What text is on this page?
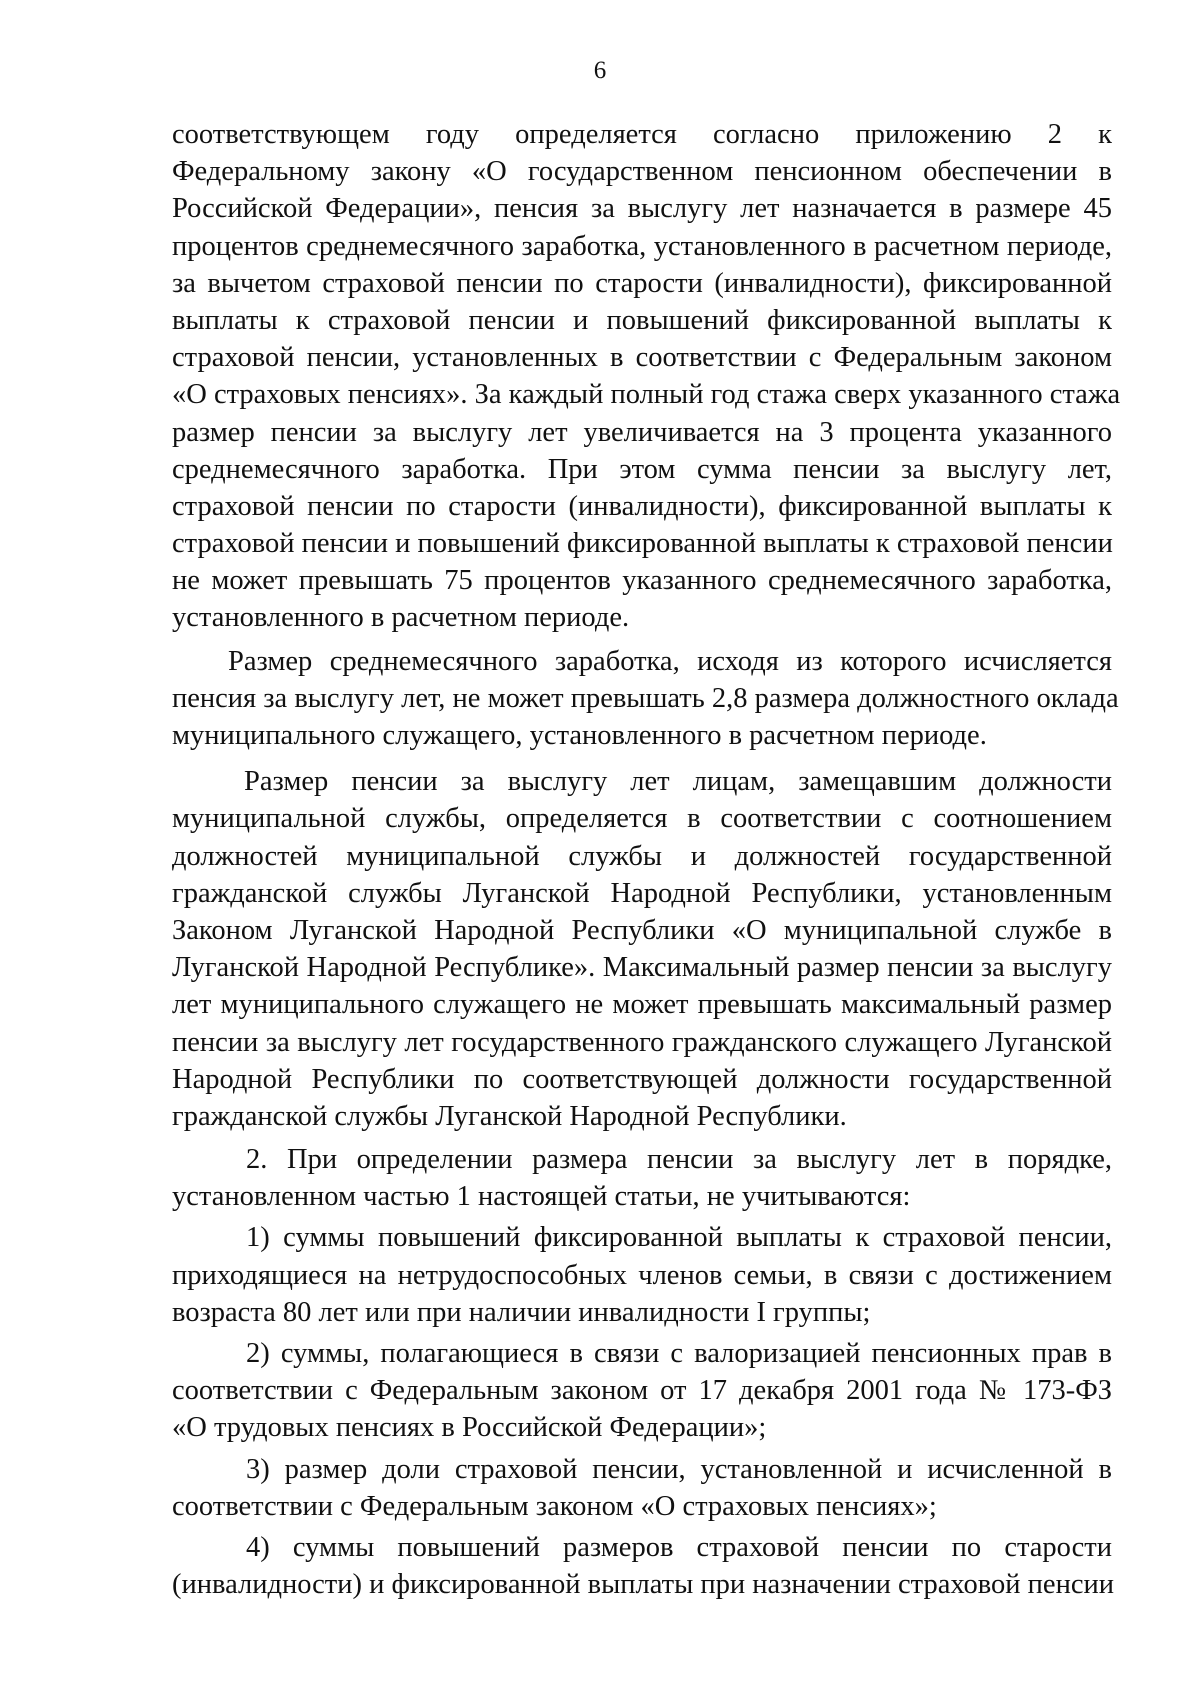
6
соответствующем году определяется согласно приложению 2 к
Федеральному закону «О государственном пенсионном обеспечении в
Российской Федерации», пенсия за выслугу лет назначается в размере 45
процентов среднемесячного заработка, установленного в расчетном периоде,
за вычетом страховой пенсии по старости (инвалидности), фиксированной
выплаты к страховой пенсии и повышений фиксированной выплаты к
страховой пенсии, установленных в соответствии с Федеральным законом
«О страховых пенсиях». За каждый полный год стажа сверх указанного стажа
размер пенсии за выслугу лет увеличивается на 3 процента указанного
среднемесячного заработка. При этом сумма пенсии за выслугу лет,
страховой пенсии по старости (инвалидности), фиксированной выплаты к
страховой пенсии и повышений фиксированной выплаты к страховой пенсии
не может превышать 75 процентов указанного среднемесячного заработка,
установленного в расчетном периоде.
Размер среднемесячного заработка, исходя из которого исчисляется
пенсия за выслугу лет, не может превышать 2,8 размера должностного оклада
муниципального служащего, установленного в расчетном периоде.
Размер пенсии за выслугу лет лицам, замещавшим должности
муниципальной службы, определяется в соответствии с соотношением
должностей муниципальной службы и должностей государственной
гражданской службы Луганской Народной Республики, установленным
Законом Луганской Народной Республики «О муниципальной службе в
Луганской Народной Республике». Максимальный размер пенсии за выслугу
лет муниципального служащего не может превышать максимальный размер
пенсии за выслугу лет государственного гражданского служащего Луганской
Народной Республики по соответствующей должности государственной
гражданской службы Луганской Народной Республики.
2. При определении размера пенсии за выслугу лет в порядке,
установленном частью 1 настоящей статьи, не учитываются:
1) суммы повышений фиксированной выплаты к страховой пенсии,
приходящиеся на нетрудоспособных членов семьи, в связи с достижением
возраста 80 лет или при наличии инвалидности I группы;
2) суммы, полагающиеся в связи с валоризацией пенсионных прав в
соответствии с Федеральным законом от 17 декабря 2001 года № 173-ФЗ
«О трудовых пенсиях в Российской Федерации»;
3) размер доли страховой пенсии, установленной и исчисленной в
соответствии с Федеральным законом «О страховых пенсиях»;
4) суммы повышений размеров страховой пенсии по старости
(инвалидности) и фиксированной выплаты при назначении страховой пенсии
